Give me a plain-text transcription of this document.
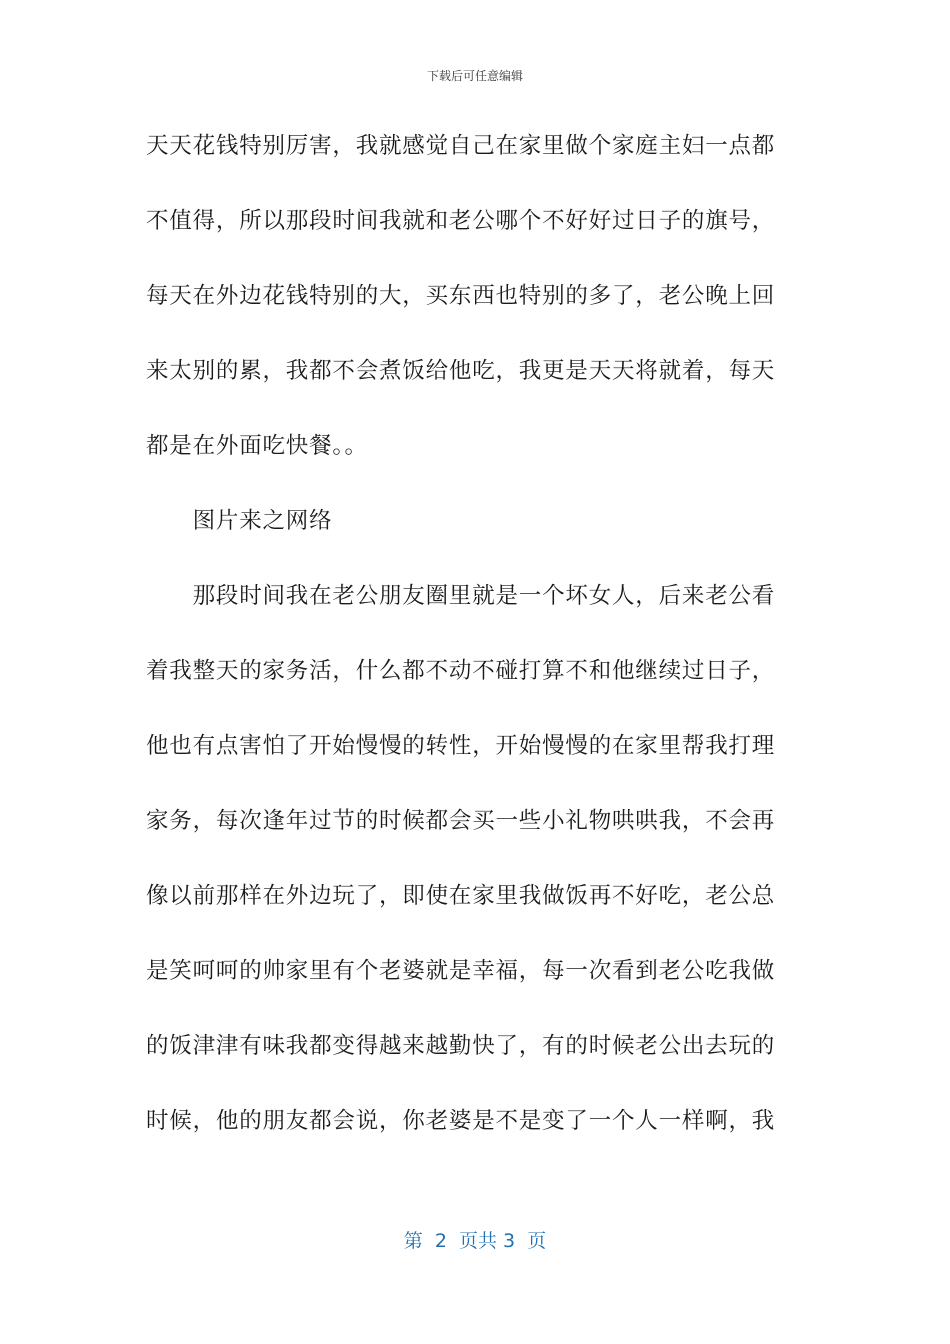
下载后可任意编辑
天天花钱特别厉害，我就感觉自己在家里做个家庭主妇一点都
不值得，所以那段时间我就和老公哪个不好好过日子的旗号，
每天在外边花钱特别的大，买东西也特别的多了，老公晚上回
来太别的累，我都不会煮饭给他吃，我更是天天将就着，每天
都是在外面吃快餐。。
　　图片来之网络
　　那段时间我在老公朋友圈里就是一个坏女人，后来老公看
着我整天的家务活，什么都不动不碰打算不和他继续过日子，
他也有点害怕了开始慢慢的转性，开始慢慢的在家里帮我打理
家务，每次逢年过节的时候都会买一些小礼物哄哄我，不会再
像以前那样在外边玩了，即使在家里我做饭再不好吃，老公总
是笑呵呵的帅家里有个老婆就是幸福，每一次看到老公吃我做
的饭津津有味我都变得越来越勤快了，有的时候老公出去玩的
时候，他的朋友都会说，你老婆是不是变了一个人一样啊，我
第  2  页共 3  页
